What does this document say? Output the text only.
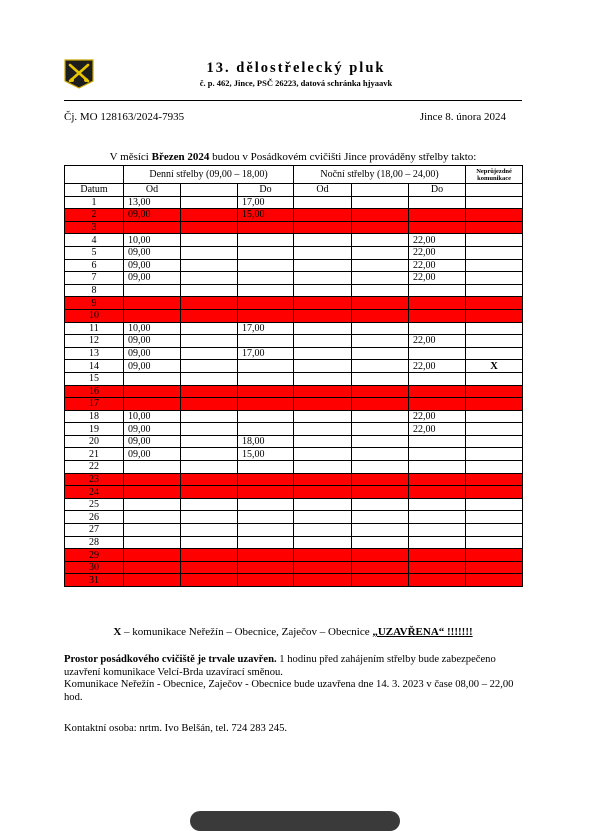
13. dělostřelecký pluk
č. p. 462, Jince, PSČ 26223, datová schránka hjyaavk
Čj. MO 128163/2024-7935	Jince 8. února 2024
V měsíci Březen 2024 budou v Posádkovém cvičišti Jince prováděny střelby takto:
	Denní střelby (09,00 – 18,00)			Noční střelby (18,00 – 24,00)			Neprůjezdné komunikace
Datum	Od		Do	Od		Do	
1	13,00		17,00				
2	09,00		15,00				
3							
4	10,00					22,00	
5	09,00					22,00	
6	09,00					22,00	
7	09,00					22,00	
8							
9							
10							
11	10,00		17,00				
12	09,00					22,00	
13	09,00		17,00				
14	09,00					22,00	X
15							
16							
17							
18	10,00					22,00	
19	09,00					22,00	
20	09,00		18,00				
21	09,00		15,00				
22							
23							
24							
25							
26							
27							
28							
29							
30							
31							
X – komunikace Neřežín – Obecnice, Zaječov – Obecnice „UZAVŘENA“ !!!!!!!
Prostor posádkového cvičiště je trvale uzavřen. 1 hodinu před zahájením střelby bude zabezpečeno uzavření komunikace Velcí-Brda uzavírací směnou.
Komunikace Neřežín - Obecnice, Zaječov - Obecnice bude uzavřena dne 14. 3. 2023 v čase 08,00 – 22,00 hod.
Kontaktní osoba: nrtm. Ivo Belšán, tel. 724 283 245.
